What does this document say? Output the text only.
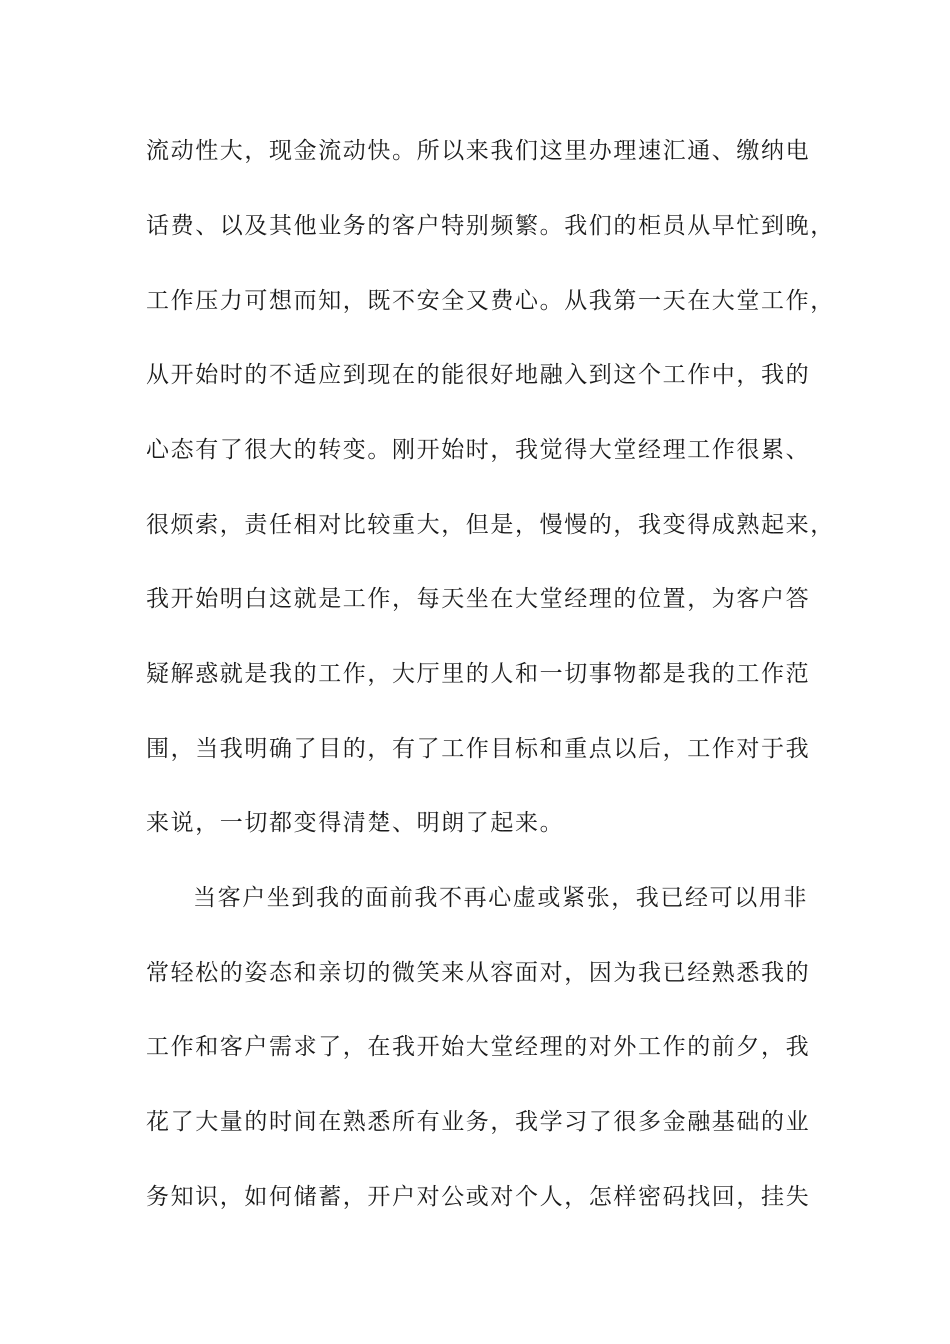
流动性大，现金流动快。所以来我们这里办理速汇通、缴纳电
话费、以及其他业务的客户特别频繁。我们的柜员从早忙到晚，
工作压力可想而知，既不安全又费心。从我第一天在大堂工作，
从开始时的不适应到现在的能很好地融入到这个工作中，我的
心态有了很大的转变。刚开始时，我觉得大堂经理工作很累、
很烦索，责任相对比较重大，但是，慢慢的，我变得成熟起来，
我开始明白这就是工作，每天坐在大堂经理的位置，为客户答
疑解惑就是我的工作，大厅里的人和一切事物都是我的工作范
围，当我明确了目的，有了工作目标和重点以后，工作对于我
来说，一切都变得清楚、明朗了起来。
当客户坐到我的面前我不再心虚或紧张，我已经可以用非
常轻松的姿态和亲切的微笑来从容面对，因为我已经熟悉我的
工作和客户需求了，在我开始大堂经理的对外工作的前夕，我
花了大量的时间在熟悉所有业务，我学习了很多金融基础的业
务知识，如何储蓄，开户对公或对个人，怎样密码找回，挂失
